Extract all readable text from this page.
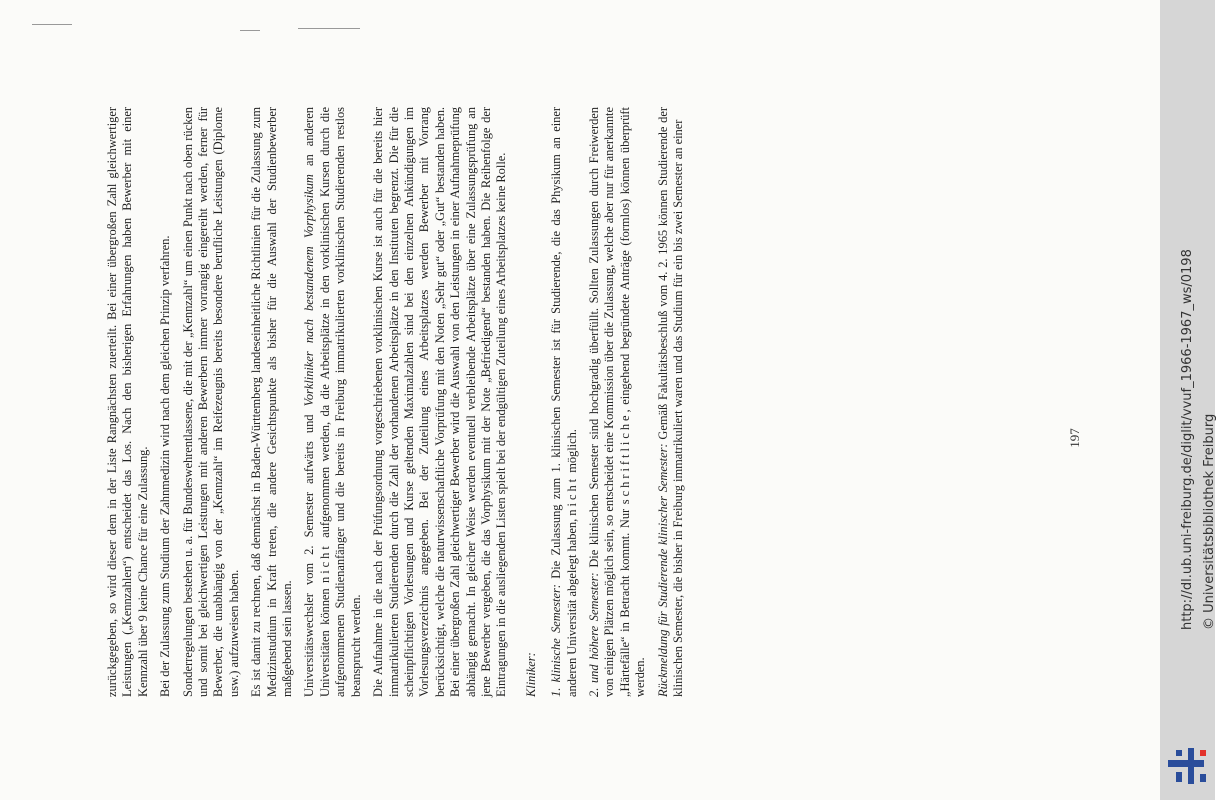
zurückgegeben, so wird dieser dem in der Liste Rangnächsten zuerteilt. Bei einer übergroßen Zahl gleichwertiger Leistungen („Kennzahlen“) entscheidet das Los. Nach den bisherigen Erfahrungen haben Bewerber mit einer Kennzahl über 9 keine Chance für eine Zulassung. Bei der Zulassung zum Studium der Zahnmedizin wird nach dem gleichen Prinzip verfahren. Sonderregelungen bestehen u. a. für Bundeswehrentlassene, die mit der „Kennzahl“ um einen Punkt nach oben rücken und somit bei gleichwertigen Leistungen mit anderen Bewerbern immer vorrangig eingereiht werden, ferner für Bewerber, die unabhängig von der „Kennzahl“ im Reifezeugnis bereits besondere berufliche Leistungen (Diplome usw.) aufzuweisen haben. Es ist damit zu rechnen, daß demnächst in Baden-Württemberg landeseinheitliche Richtlinien für die Zulassung zum Medizinstudium in Kraft treten, die andere Gesichtspunkte als bisher für die Auswahl der Studienbewerber maßgebend sein lassen. Universitätswechsler vom 2. Semester aufwärts und Vorkliniker nach bestandenem Vorphysikum an anderen Universitäten können nicht aufgenommen werden, da die Arbeitsplätze in den vorklinischen Kursen durch die aufgenommenen Studienanfänger und die bereits in Freiburg immatrikulierten vorklinischen Studierenden restlos beansprucht werden. Die Aufnahme in die nach der Prüfungsordnung vorgeschriebenen vorklinischen Kurse ist auch für die bereits hier immatrikulierten Studierenden durch die Zahl der vorhandenen Arbeitsplätze in den Instituten begrenzt. Die für die scheinpflichtigen Vorlesungen und Kurse geltenden Maximalzahlen sind bei den einzelnen Ankündigungen im Vorlesungsverzeichnis angegeben. Bei der Zuteilung eines Arbeitsplatzes werden Bewerber mit Vorrang berücksichtigt, welche die naturwissenschaftliche Vorprüfung mit den Noten „Sehr gut“ oder „Gut“ bestanden haben. Bei einer übergroßen Zahl gleichwertiger Bewerber wird die Auswahl von den Leistungen in einer Aufnahmeprüfung abhängig gemacht. In gleicher Weise werden eventuell verbleibende Arbeitsplätze über eine Zulassungsprüfung an jene Bewerber vergeben, die das Vorphysikum mit der Note „Befriedigend“ bestanden haben. Die Reihenfolge der Eintragungen in die ausliegenden Listen spielt bei der endgültigen Zuteilung eines Arbeitsplatzes keine Rolle. Kliniker: 1. klinische Semester: Die Zulassung zum 1. klinischen Semester ist für Studierende, die das Physikum an einer anderen Universität abgelegt haben, nicht möglich.

2. und höhere Semester: Die klinischen Semester sind hochgradig überfüllt. Sollten Zulassungen durch Freiwerden von einigen Plätzen möglich sein, so entscheidet eine Kommission über die Zulassung, welche aber nur für anerkannte „Härtefälle“ in Betracht kommt. Nur schriftliche, eingehend begründete Anträge (formlos) können überprüft werden. Rückmeldung für Studierende klinischer Semester: Gemäß Fakultätsbeschluß vom 4. 2. 1965 können Studierende der klinischen Semester, die bisher in Freiburg immatrikuliert waren und das Studium für ein bis zwei Semester an einer	197	http://dl.ub.uni-freiburg.de/diglit/vvuf_1966-1967_ws/0198 © Universitätsbibliothek Freiburg
